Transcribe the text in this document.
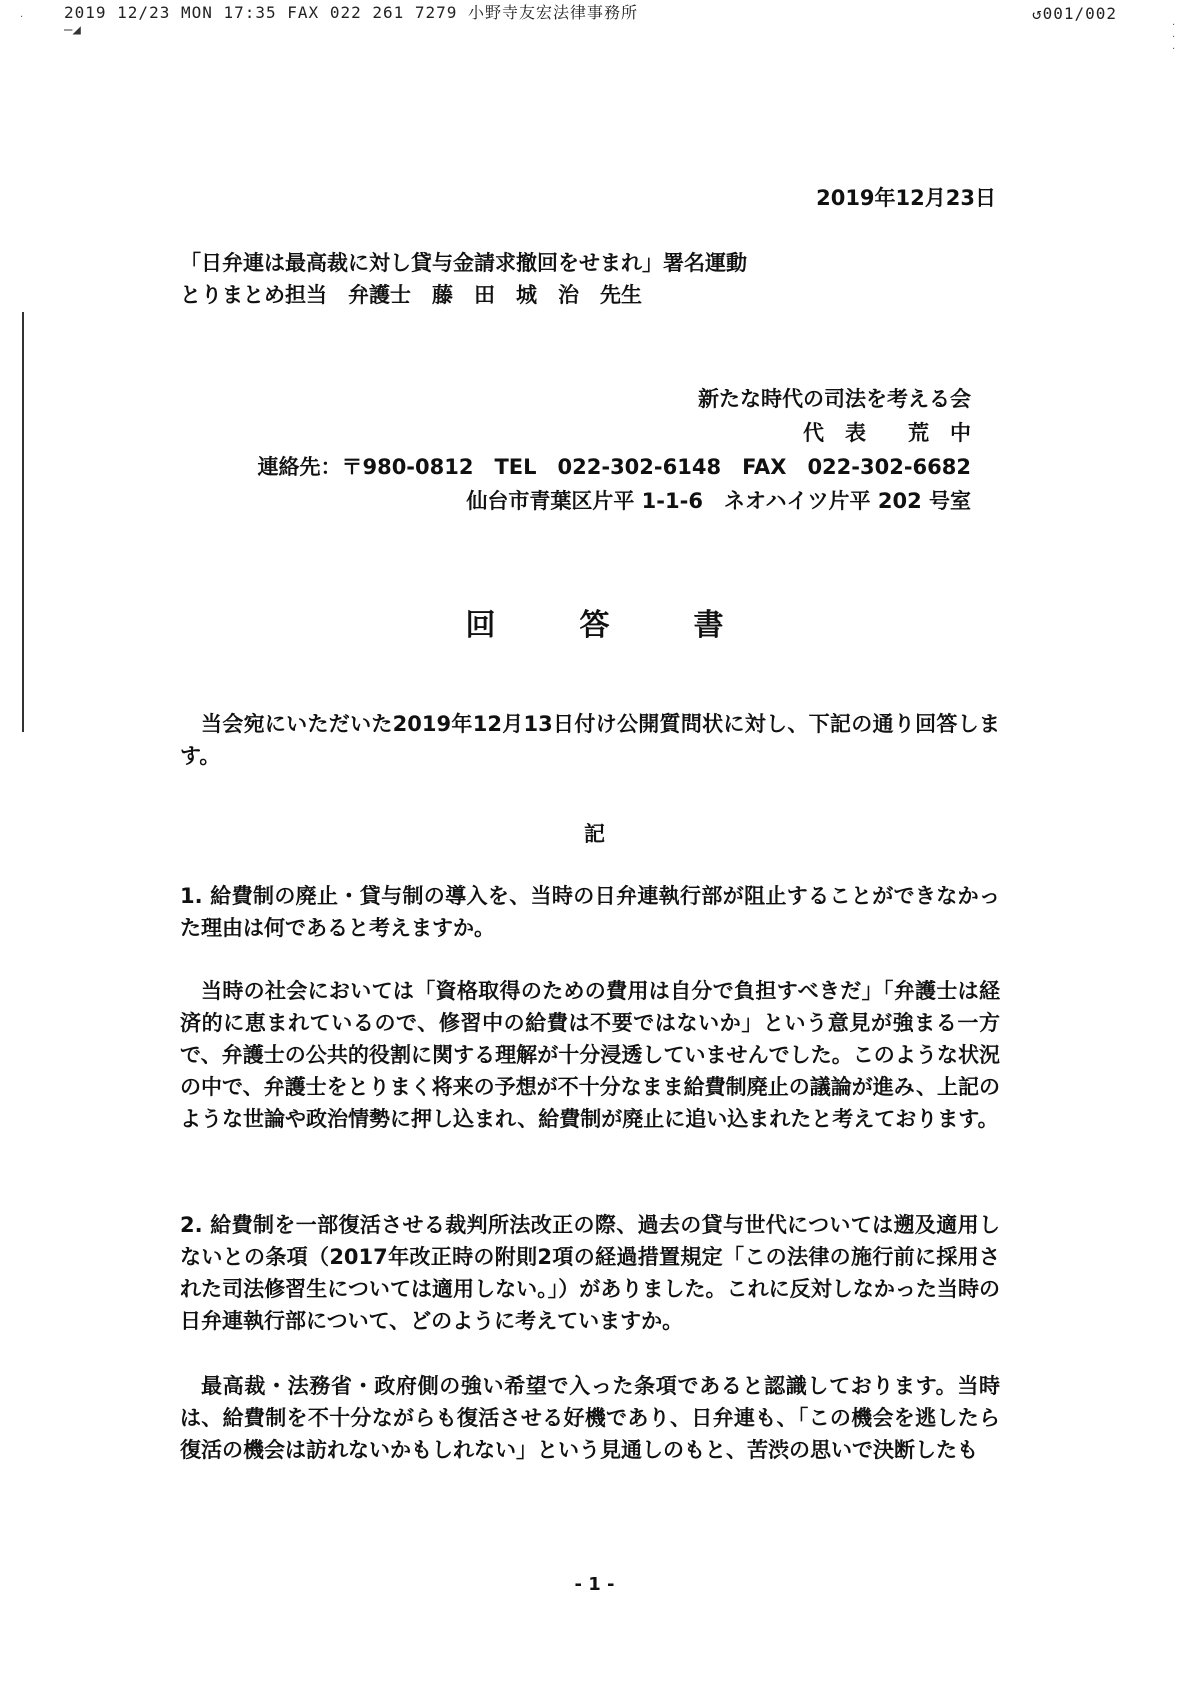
2019 12/23 MON 17:35 FAX 022 261 7279 小野寺友宏法律事務所	↺001/002
—◢
·
·
·
·
2019年12月23日
「日弁連は最高裁に対し貸与金請求撤回をせまれ」署名運動
とりまとめ担当　弁護士　藤　田　城　治　先生
新たな時代の司法を考える会
代　表　　荒　中
連絡先：〒980-0812　TEL　022-302-6148　FAX　022-302-6682
仙台市青葉区片平 1-1-6　ネオハイツ片平 202 号室
回　答　書
当会宛にいただいた2019年12月13日付け公開質問状に対し、下記の通り回答します。
記
1. 給費制の廃止・貸与制の導入を、当時の日弁連執行部が阻止することができなかった理由は何であると考えますか。
当時の社会においては「資格取得のための費用は自分で負担すべきだ」「弁護士は経済的に恵まれているので、修習中の給費は不要ではないか」という意見が強まる一方で、弁護士の公共的役割に関する理解が十分浸透していませんでした。このような状況の中で、弁護士をとりまく将来の予想が不十分なまま給費制廃止の議論が進み、上記のような世論や政治情勢に押し込まれ、給費制が廃止に追い込まれたと考えております。
2. 給費制を一部復活させる裁判所法改正の際、過去の貸与世代については遡及適用しないとの条項（2017年改正時の附則2項の経過措置規定「この法律の施行前に採用された司法修習生については適用しない。」）がありました。これに反対しなかった当時の日弁連執行部について、どのように考えていますか。
最高裁・法務省・政府側の強い希望で入った条項であると認識しております。当時は、給費制を不十分ながらも復活させる好機であり、日弁連も、「この機会を逃したら復活の機会は訪れないかもしれない」という見通しのもと、苦渋の思いで決断したも
- 1 -
